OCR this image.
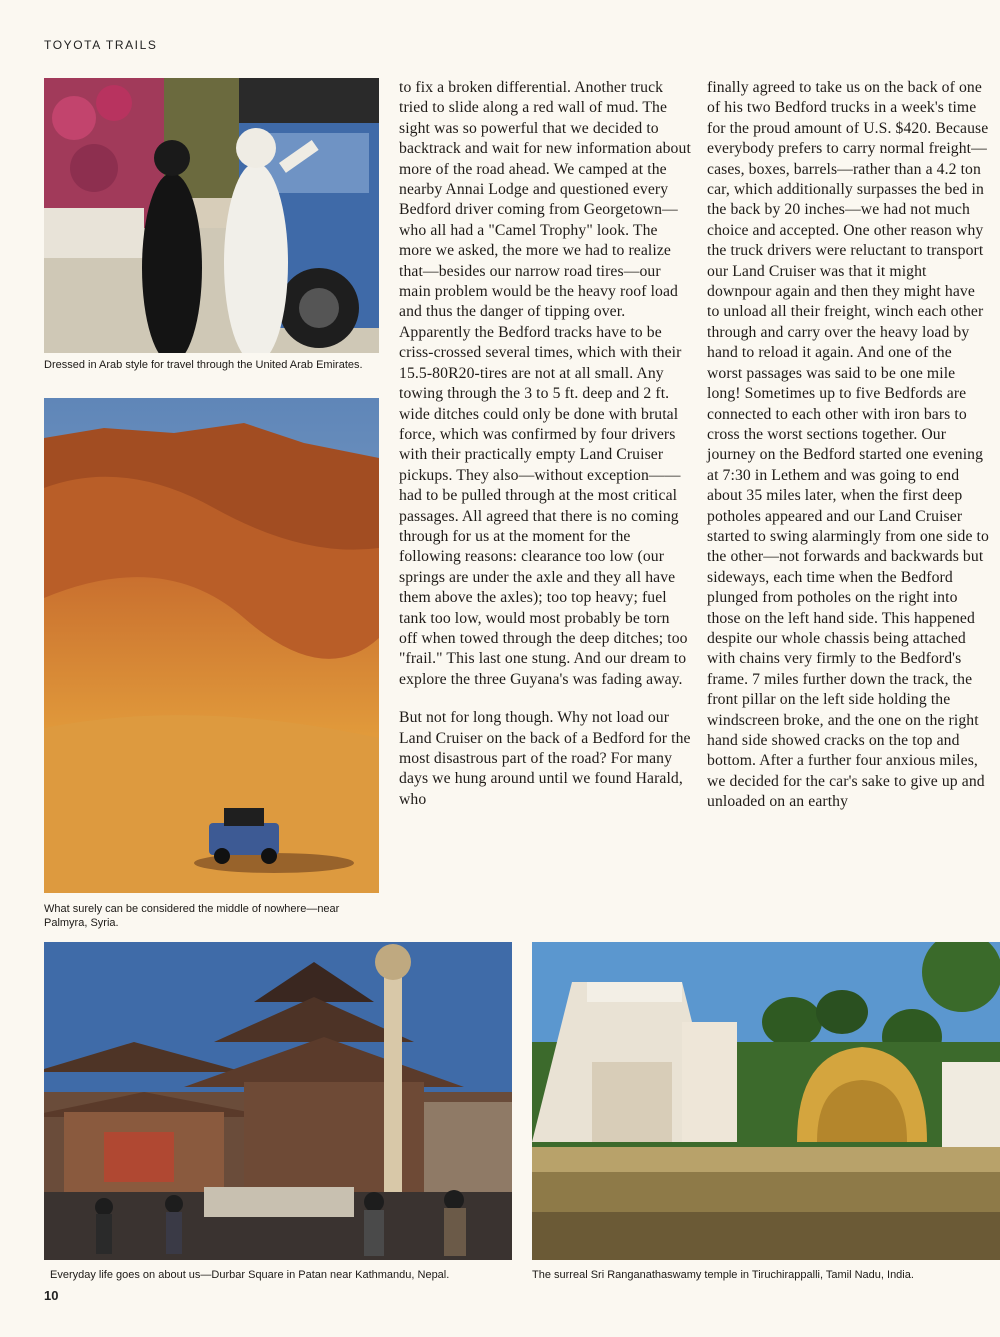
TOYOTA TRAILS
Dressed in Arab style for travel through the United Arab Emirates.
What surely can be considered the middle of nowhere—near Palmyra, Syria.

to fix a broken differential. Another truck tried to slide along a red wall of mud. The sight was so powerful that we decided to backtrack and wait for new information about more of the road ahead. We camped at the nearby Annai Lodge and questioned every Bedford driver coming from Georgetown—who all had a "Camel Trophy" look. The more we asked, the more we had to realize that—besides our narrow road tires—our main problem would be the heavy roof load and thus the danger of tipping over. Apparently the Bedford tracks have to be criss-crossed several times, which with their 15.5-80R20-tires are not at all small. Any towing through the 3 to 5 ft. deep and 2 ft. wide ditches could only be done with brutal force, which was confirmed by four drivers with their practically empty Land Cruiser pickups. They also—without exception——had to be pulled through at the most critical passages. All agreed that there is no coming through for us at the moment for the following reasons: clearance too low (our springs are under the axle and they all have them above the axles); too top heavy; fuel tank too low, would most probably be torn off when towed through the deep ditches; too "frail." This last one stung. And our dream to explore the three Guyana's was fading away.

But not for long though. Why not load our Land Cruiser on the back of a Bedford for the most disastrous part of the road? For many days we hung around until we found Harald, who

finally agreed to take us on the back of one of his two Bedford trucks in a week's time for the proud amount of U.S. $420. Because everybody prefers to carry normal freight—cases, boxes, barrels—rather than a 4.2 ton car, which additionally surpasses the bed in the back by 20 inches—we had not much choice and accepted. One other reason why the truck drivers were reluctant to transport our Land Cruiser was that it might downpour again and then they might have to unload all their freight, winch each other through and carry over the heavy load by hand to reload it again. And one of the worst passages was said to be one mile long! Sometimes up to five Bedfords are connected to each other with iron bars to cross the worst sections together. Our journey on the Bedford started one evening at 7:30 in Lethem and was going to end about 35 miles later, when the first deep potholes appeared and our Land Cruiser started to swing alarmingly from one side to the other—not forwards and backwards but sideways, each time when the Bedford plunged from potholes on the right into those on the left hand side. This happened despite our whole chassis being attached with chains very firmly to the Bedford's frame. 7 miles further down the track, the front pillar on the left side holding the windscreen broke, and the one on the right hand side showed cracks on the top and bottom. After a further four anxious miles, we decided for the car's sake to give up and unloaded on an earthy

Everyday life goes on about us—Durbar Square in Patan near Kathmandu, Nepal.	The surreal Sri Ranganathaswamy temple in Tiruchirappalli, Tamil Nadu, India.
10
